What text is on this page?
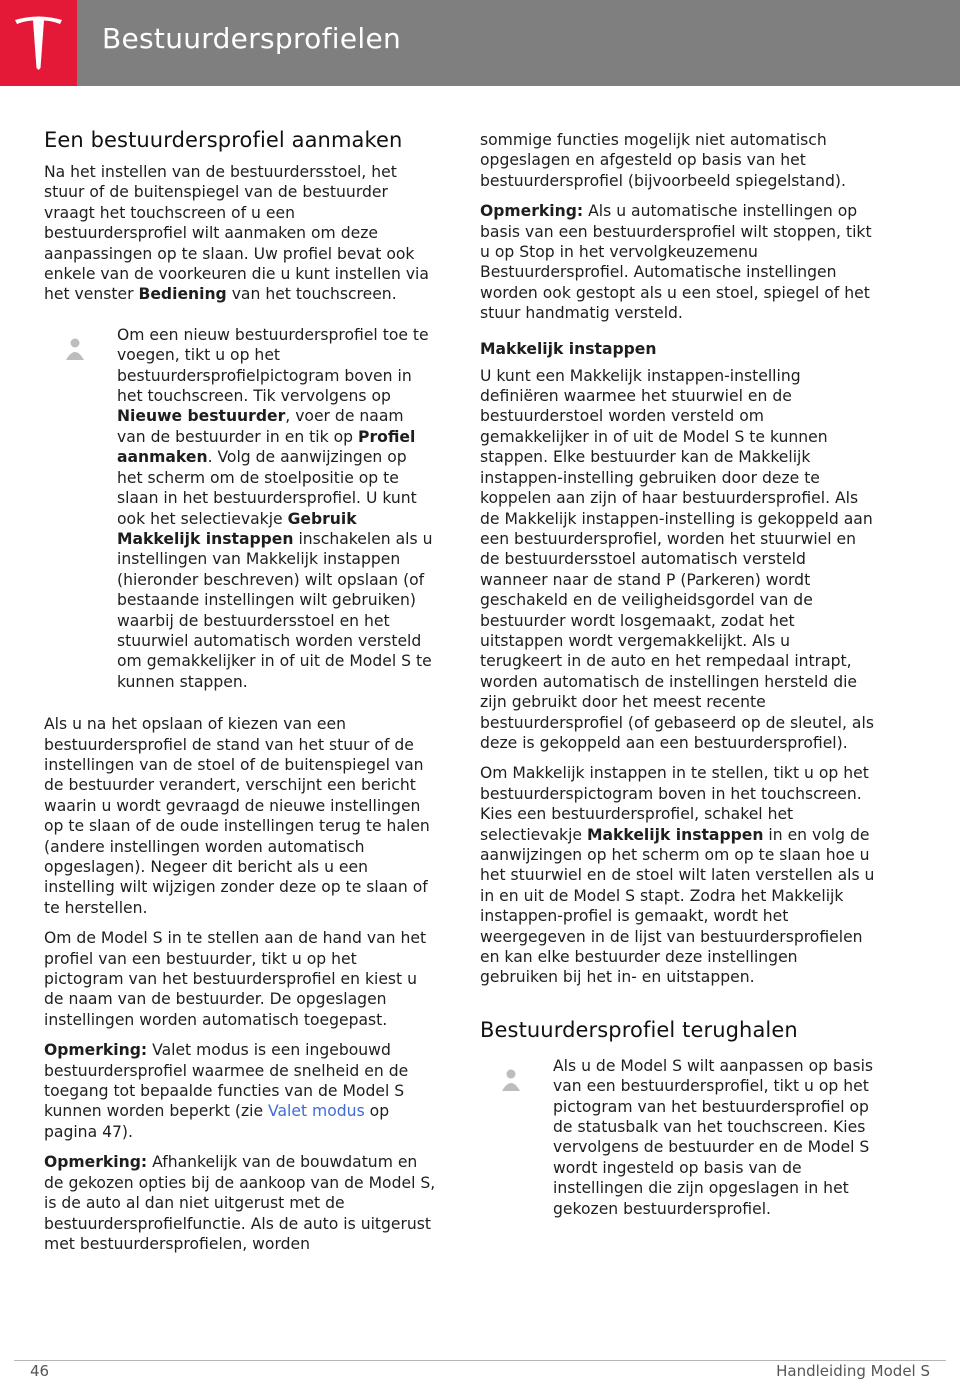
Bestuurdersprofielen
Een bestuurdersprofiel aanmaken

Na het instellen van de bestuurdersstoel, het stuur of de buitenspiegel van de bestuurder vraagt het touchscreen of u een bestuurdersprofiel wilt aanmaken om deze aanpassingen op te slaan. Uw profiel bevat ook enkele van de voorkeuren die u kunt instellen via het venster Bediening van het touchscreen.

Om een nieuw bestuurdersprofiel toe te voegen, tikt u op het bestuurdersprofielpictogram boven in het touchscreen. Tik vervolgens op Nieuwe bestuurder, voer de naam van de bestuurder in en tik op Profiel aanmaken. Volg de aanwijzingen op het scherm om de stoelpositie op te slaan in het bestuurdersprofiel. U kunt ook het selectievakje Gebruik Makkelijk instappen inschakelen als u instellingen van Makkelijk instappen (hieronder beschreven) wilt opslaan (of bestaande instellingen wilt gebruiken) waarbij de bestuurdersstoel en het stuurwiel automatisch worden versteld om gemakkelijker in of uit de Model S te kunnen stappen.

Als u na het opslaan of kiezen van een bestuurdersprofiel de stand van het stuur of de instellingen van de stoel of de buitenspiegel van de bestuurder verandert, verschijnt een bericht waarin u wordt gevraagd de nieuwe instellingen op te slaan of de oude instellingen terug te halen (andere instellingen worden automatisch opgeslagen). Negeer dit bericht als u een instelling wilt wijzigen zonder deze op te slaan of te herstellen.

Om de Model S in te stellen aan de hand van het profiel van een bestuurder, tikt u op het pictogram van het bestuurdersprofiel en kiest u de naam van de bestuurder. De opgeslagen instellingen worden automatisch toegepast.

Opmerking: Valet modus is een ingebouwd bestuurdersprofiel waarmee de snelheid en de toegang tot bepaalde functies van de Model S kunnen worden beperkt (zie Valet modus op pagina 47).

Opmerking: Afhankelijk van de bouwdatum en de gekozen opties bij de aankoop van de Model S, is de auto al dan niet uitgerust met de bestuurdersprofielfunctie. Als de auto is uitgerust met bestuurdersprofielen, worden

sommige functies mogelijk niet automatisch opgeslagen en afgesteld op basis van het bestuurdersprofiel (bijvoorbeeld spiegelstand).

Opmerking: Als u automatische instellingen op basis van een bestuurdersprofiel wilt stoppen, tikt u op Stop in het vervolgkeuzemenu Bestuurdersprofiel. Automatische instellingen worden ook gestopt als u een stoel, spiegel of het stuur handmatig versteld.

Makkelijk instappen

U kunt een Makkelijk instappen-instelling definiëren waarmee het stuurwiel en de bestuurderstoel worden versteld om gemakkelijker in of uit de Model S te kunnen stappen. Elke bestuurder kan de Makkelijk instappen-instelling gebruiken door deze te koppelen aan zijn of haar bestuurdersprofiel. Als de Makkelijk instappen-instelling is gekoppeld aan een bestuurdersprofiel, worden het stuurwiel en de bestuurdersstoel automatisch versteld wanneer naar de stand P (Parkeren) wordt geschakeld en de veiligheidsgordel van de bestuurder wordt losgemaakt, zodat het uitstappen wordt vergemakkelijkt. Als u terugkeert in de auto en het rempedaal intrapt, worden automatisch de instellingen hersteld die zijn gebruikt door het meest recente bestuurdersprofiel (of gebaseerd op de sleutel, als deze is gekoppeld aan een bestuurdersprofiel).

Om Makkelijk instappen in te stellen, tikt u op het bestuurderspictogram boven in het touchscreen. Kies een bestuurdersprofiel, schakel het selectievakje Makkelijk instappen in en volg de aanwijzingen op het scherm om op te slaan hoe u het stuurwiel en de stoel wilt laten verstellen als u in en uit de Model S stapt. Zodra het Makkelijk instappen-profiel is gemaakt, wordt het weergegeven in de lijst van bestuurdersprofielen en kan elke bestuurder deze instellingen gebruiken bij het in- en uitstappen.

Bestuurdersprofiel terughalen

Als u de Model S wilt aanpassen op basis van een bestuurdersprofiel, tikt u op het pictogram van het bestuurdersprofiel op de statusbalk van het touchscreen. Kies vervolgens de bestuurder en de Model S wordt ingesteld op basis van de instellingen die zijn opgeslagen in het gekozen bestuurdersprofiel.

46	Handleiding Model S
